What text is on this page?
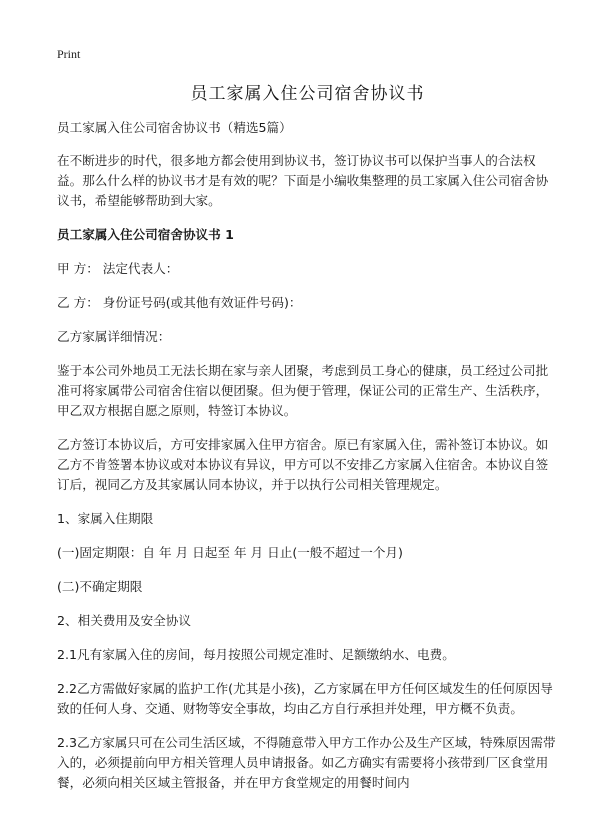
Print
员工家属入住公司宿舍协议书

员工家属入住公司宿舍协议书（精选5篇）

在不断进步的时代，很多地方都会使用到协议书，签订协议书可以保护当事人的合法权益。那么什么样的协议书才是有效的呢？下面是小编收集整理的员工家属入住公司宿舍协议书，希望能够帮助到大家。

员工家属入住公司宿舍协议书 1

甲 方： 法定代表人：

乙 方： 身份证号码(或其他有效证件号码)：

乙方家属详细情况：

鉴于本公司外地员工无法长期在家与亲人团聚，考虑到员工身心的健康，员工经过公司批准可将家属带公司宿舍住宿以便团聚。但为便于管理，保证公司的正常生产、生活秩序，甲乙双方根据自愿之原则，特签订本协议。

乙方签订本协议后，方可安排家属入住甲方宿舍。原已有家属入住，需补签订本协议。如乙方不肯签署本协议或对本协议有异议，甲方可以不安排乙方家属入住宿舍。本协议自签订后，视同乙方及其家属认同本协议，并于以执行公司相关管理规定。

1、家属入住期限

(一)固定期限：自 年 月 日起至 年 月 日止(一般不超过一个月)

(二)不确定期限

2、相关费用及安全协议

2.1凡有家属入住的房间，每月按照公司规定准时、足额缴纳水、电费。

2.2乙方需做好家属的监护工作(尤其是小孩)，乙方家属在甲方任何区域发生的任何原因导致的任何人身、交通、财物等安全事故，均由乙方自行承担并处理，甲方概不负责。

2.3乙方家属只可在公司生活区域，不得随意带入甲方工作办公及生产区域，特殊原因需带入的，必须提前向甲方相关管理人员申请报备。如乙方确实有需要将小孩带到厂区食堂用餐，必须向相关区域主管报备，并在甲方食堂规定的用餐时间内
